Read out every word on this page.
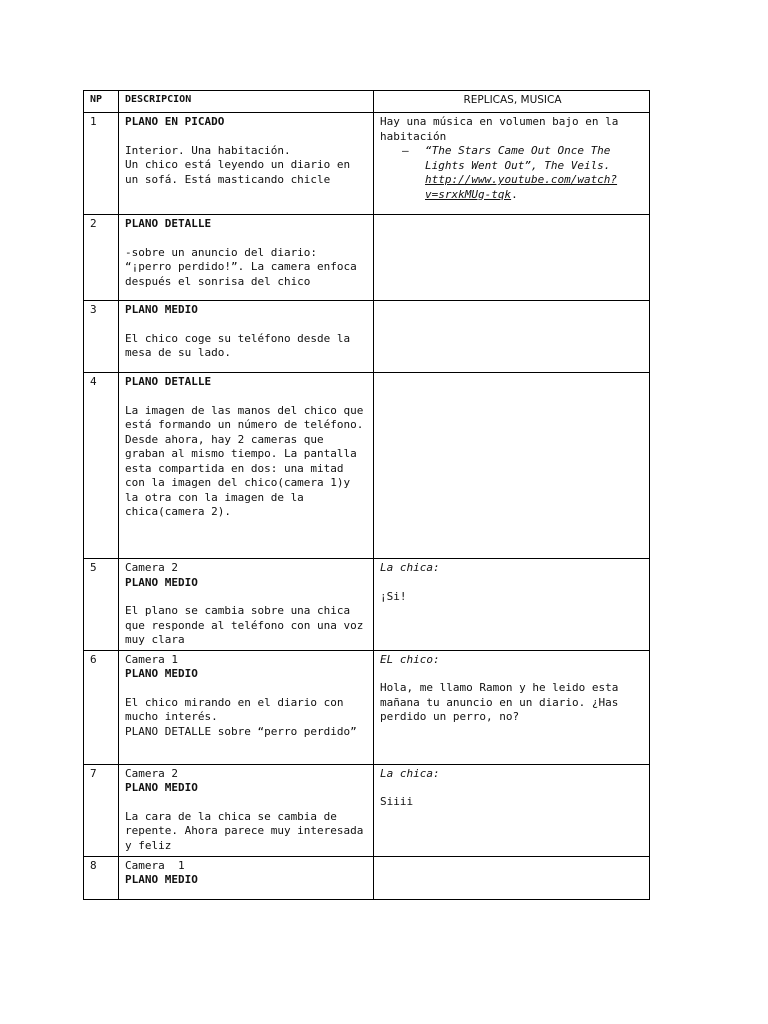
NP	DESCRIPCION	REPLICAS, MUSICA
1	PLANO EN PICADO
Interior. Una habitación.
Un chico está leyendo un diario en un sofá. Está masticando chicle	Hay una música en volumen bajo en la habitación
– “The Stars Came Out Once The Lights Went Out”, The Veils.
http://www.youtube.com/watch?v=srxkMUg-tqk.

2	PLANO DETALLE
-sobre un anuncio del diario: “¡perro perdido!”. La camera enfoca después el sonrisa del chico	

3	PLANO MEDIO
El chico coge su teléfono desde la mesa de su lado.	

4	PLANO DETALLE
La imagen de las manos del chico que está formando un número de teléfono.
Desde ahora, hay 2 cameras que graban al mismo tiempo. La pantalla esta compartida en dos: una mitad con la imagen del chico(camera 1)y la otra con la imagen de la chica(camera 2).	

5	Camera 2
PLANO MEDIO
El plano se cambia sobre una chica que responde al teléfono con una voz muy clara	La chica:
¡Si!

6	Camera 1
PLANO MEDIO
El chico mirando en el diario con mucho interés.
PLANO DETALLE sobre “perro perdido”	EL chico:
Hola, me llamo Ramon y he leido esta mañana tu anuncio en un diario. ¿Has perdido un perro, no?

7	Camera 2
PLANO MEDIO
La cara de la chica se cambia de repente. Ahora parece muy interesada y feliz	La chica:
Siiii

8	Camera  1
PLANO MEDIO	
